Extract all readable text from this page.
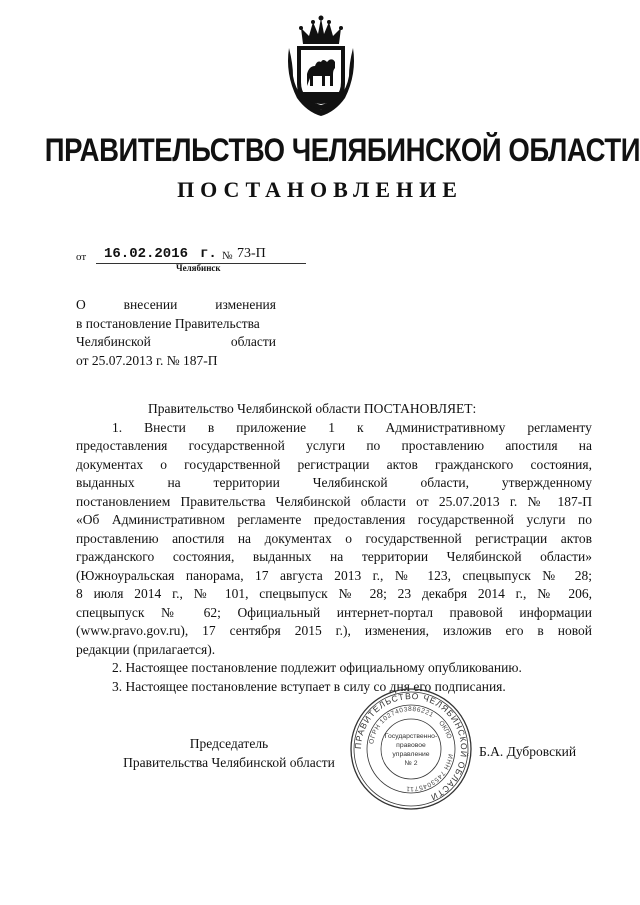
ПРАВИТЕЛЬСТВО ЧЕЛЯБИНСКОЙ ОБЛАСТИ
ПОСТАНОВЛЕНИЕ
от 16.02.2016 г. № 73-П
Челябинск
О	внесении	изменения
в постановление Правительства
Челябинской	области
от 25.07.2013 г. № 187-П
Правительство Челябинской области ПОСТАНОВЛЯЕТ:
1. Внести в приложение 1 к Административному регламенту
предоставления государственной услуги по проставлению апостиля на
документах о государственной регистрации актов гражданского состояния,
выданных на территории Челябинской области, утвержденному
постановлением Правительства Челябинской области от 25.07.2013 г. № 187-П
«Об Административном регламенте предоставления государственной услуги по
проставлению апостиля на документах о государственной регистрации актов
гражданского состояния, выданных на территории Челябинской области»
(Южноуральская панорама, 17 августа 2013 г., № 123, спецвыпуск № 28;
8 июля 2014 г., № 101, спецвыпуск № 28; 23 декабря 2014 г., № 206,
спецвыпуск № 62; Официальный интернет-портал правовой информации
(www.pravo.gov.ru), 17 сентября 2015 г.), изменения, изложив его в новой
редакции (прилагается).
2. Настоящее постановление подлежит официальному опубликованию.
3. Настоящее постановление вступает в силу со дня его подписания.
Председатель
Правительства Челябинской области
Б.А. Дубровский
ПРАВИТЕЛЬСТВО ЧЕЛЯБИНСКОЙ ОБЛАСТИ
ОГРН 1027403886221
ИНН 7453045711
ОКПО
Государственно-
правовое
управление
№ 2
